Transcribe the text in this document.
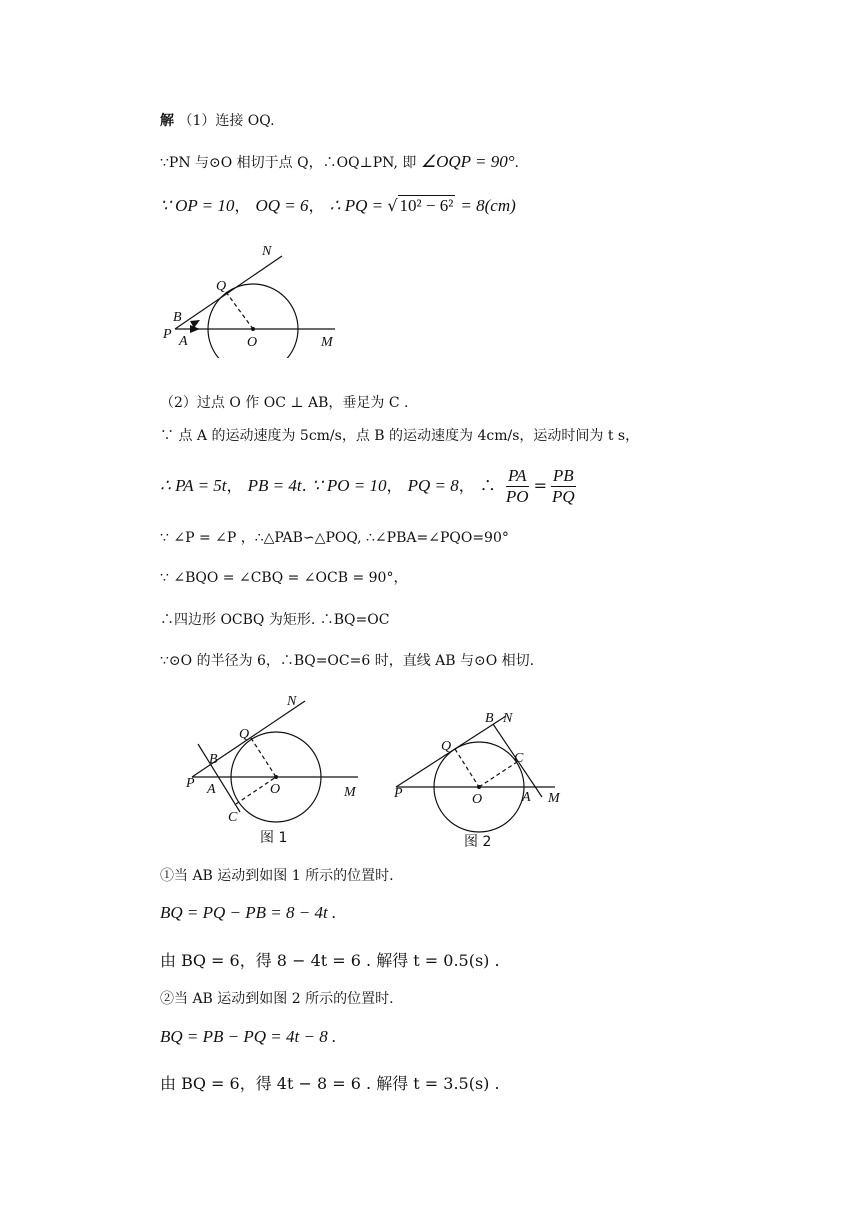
解 （1）连接 OQ.
∵PN 与⊙O 相切于点 Q，∴OQ⊥PN, 即 ∠OQP = 90°.
∵ OP = 10， OQ = 6， ∴ PQ = √ 10² − 6² = 8(cm)
N
Q
B
P A	O	M
（2）过点 O 作 OC ⊥ AB，垂足为 C .
∵ 点 A 的运动速度为 5cm/s，点 B 的运动速度为 4cm/s，运动时间为 t s，
∴ PA = 5t， PB = 4t. ∵ PO = 10， PQ = 8， ∴ $\frac{PA}{PO} = \frac{PB}{PQ}$
∵ ∠P = ∠P ，∴△PAB∽△POQ, ∴∠PBA=∠PQO=90°
∵ ∠BQO = ∠CBQ = ∠OCB = 90°，
∴四边形 OCBQ 为矩形. ∴BQ=OC
∵⊙O 的半径为 6，∴BQ=OC=6 时，直线 AB 与⊙O 相切.
N
Q
B
P A	O	M
C
图 1
B N
Q
C
P	O	A M
图 2
①当 AB 运动到如图 1 所示的位置时.
BQ = PQ − PB = 8 − 4t .
由 BQ = 6，得 8 − 4t = 6 . 解得 t = 0.5(s) .
②当 AB 运动到如图 2 所示的位置时.
BQ = PB − PQ = 4t − 8 .
由 BQ = 6，得 4t − 8 = 6 . 解得 t = 3.5(s) .
